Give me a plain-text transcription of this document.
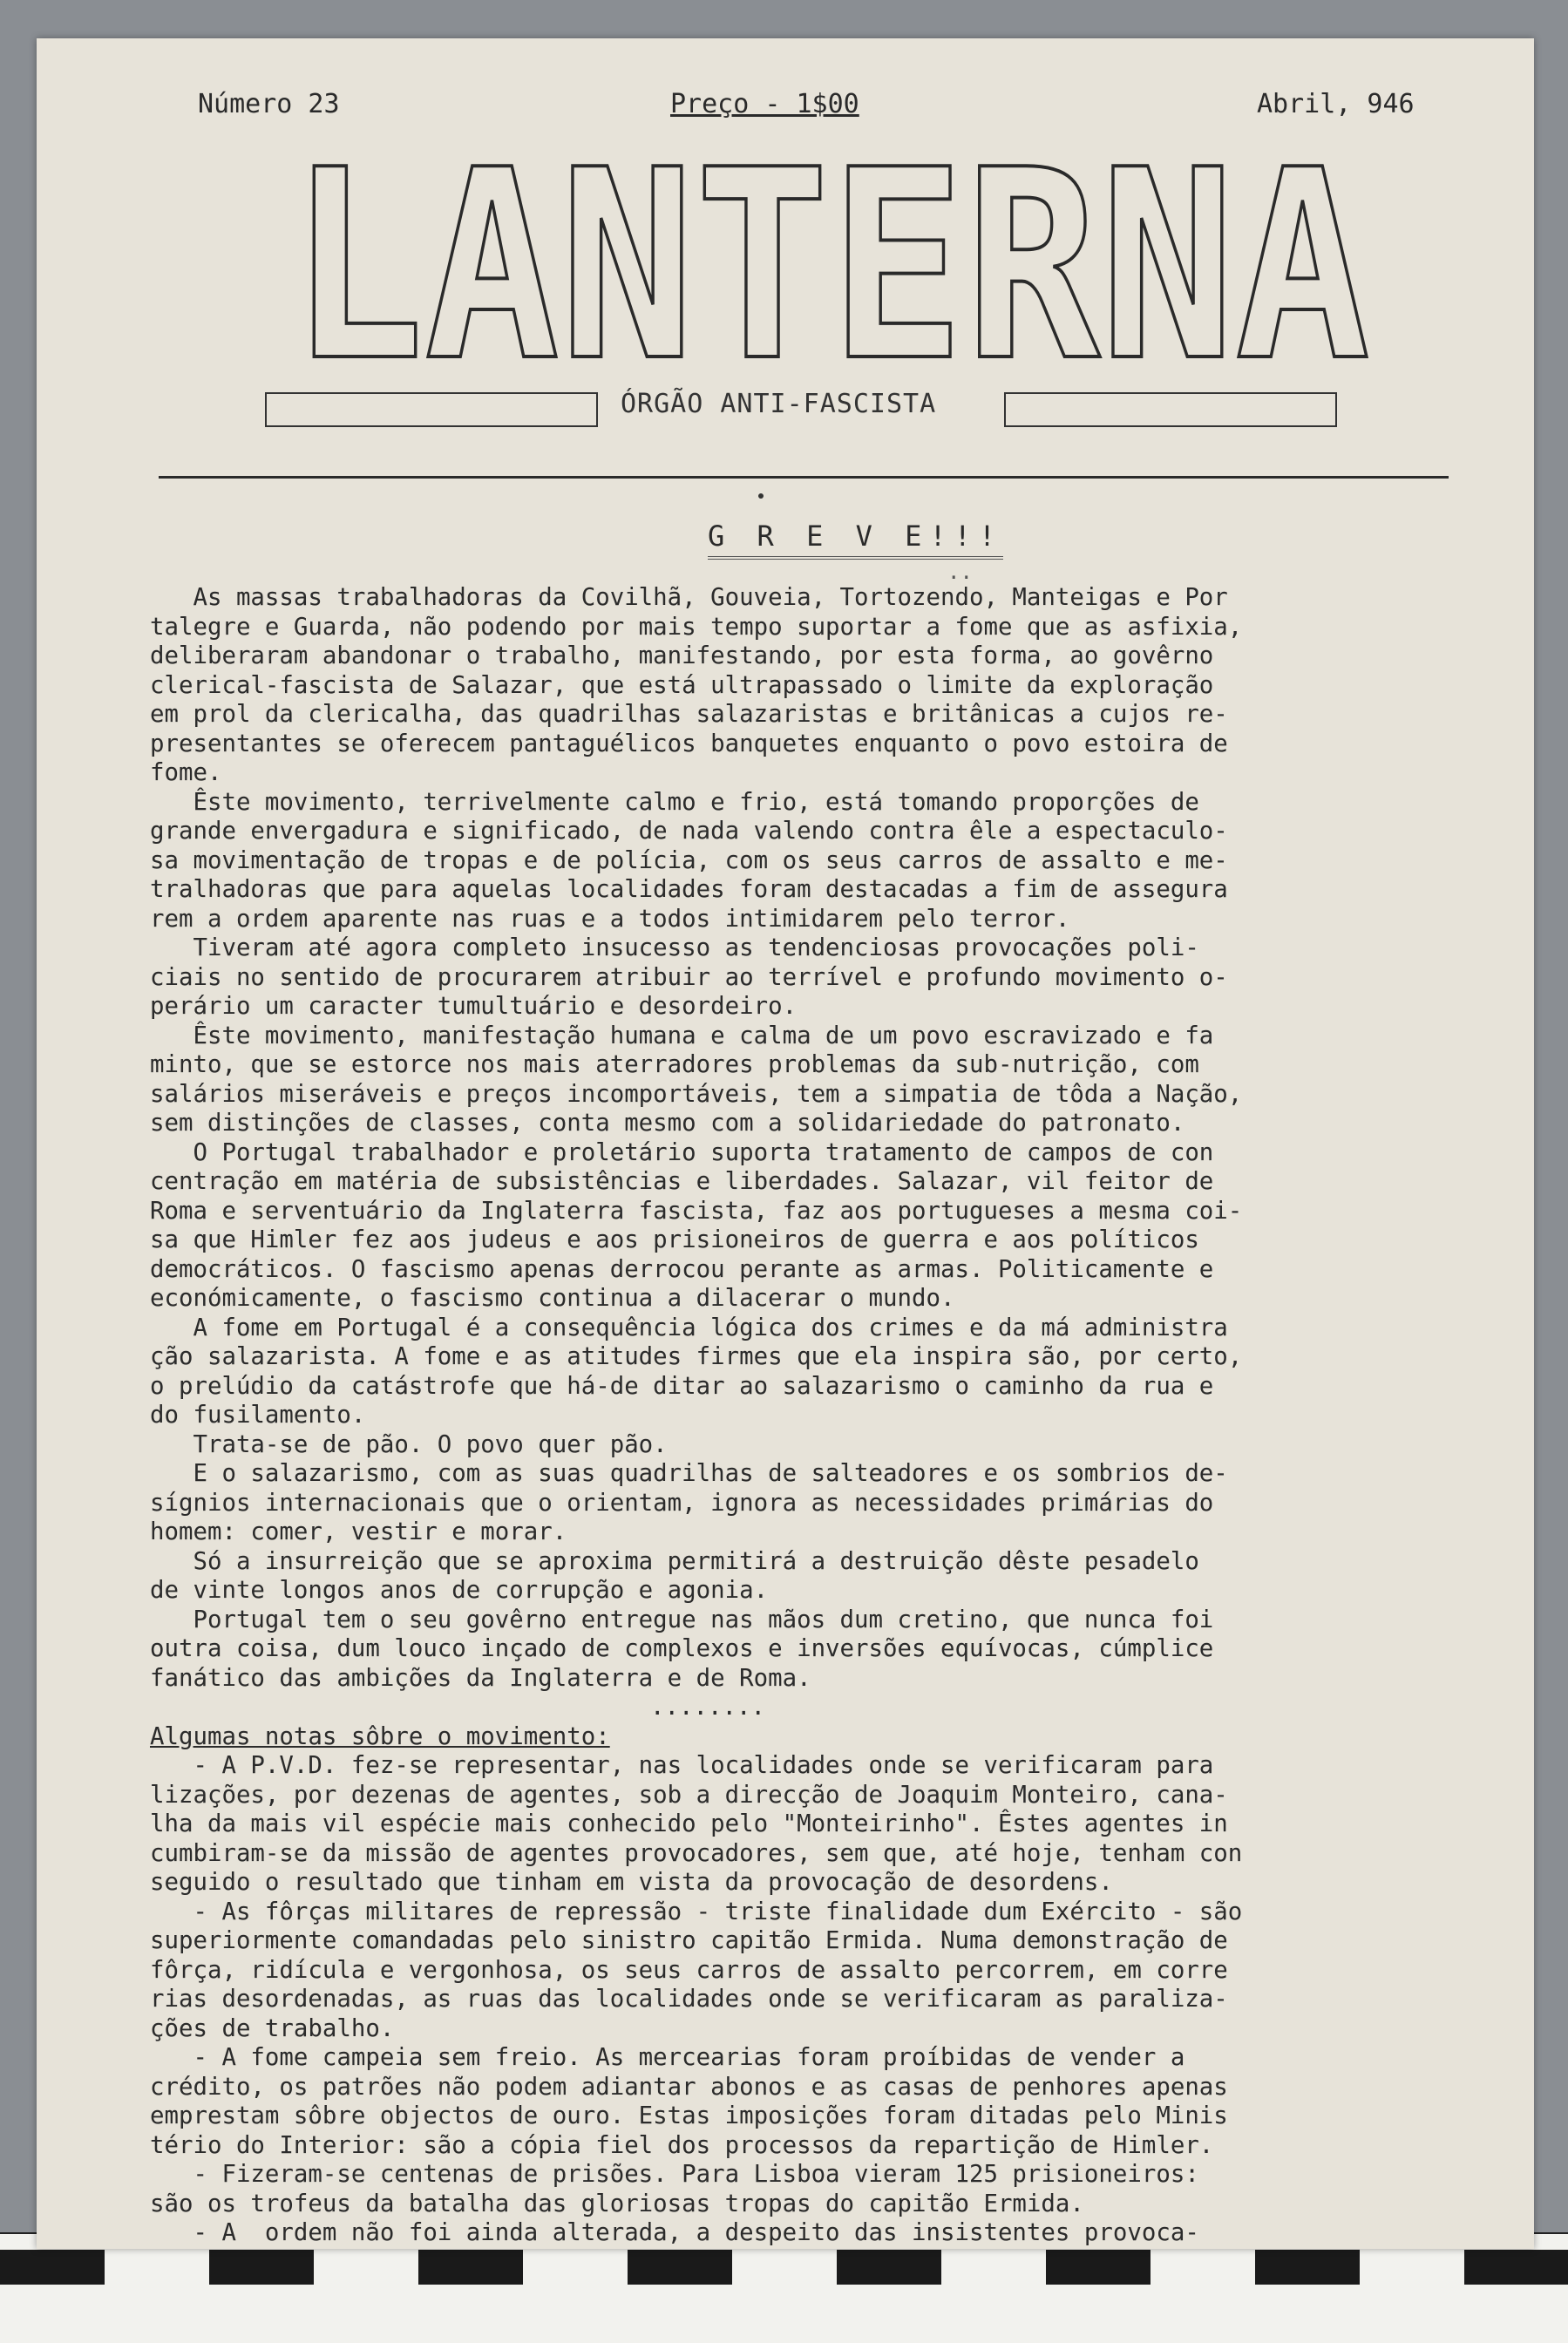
Número 23	Preço - 1$00	Abril, 946
LANTERNA
ÓRGÃO ANTI-FASCISTA
G R E V E!!!
..
As massas trabalhadoras da Covilhã, Gouveia, Tortozendo, Manteigas e Por
talegre e Guarda, não podendo por mais tempo suportar a fome que as asfixia,
deliberaram abandonar o trabalho, manifestando, por esta forma, ao govêrno
clerical-fascista de Salazar, que está ultrapassado o limite da exploração
em prol da clericalha, das quadrilhas salazaristas e britânicas a cujos re-
presentantes se oferecem pantaguélicos banquetes enquanto o povo estoira de
fome.
Êste movimento, terrivelmente calmo e frio, está tomando proporções de
grande envergadura e significado, de nada valendo contra êle a espectaculo-
sa movimentação de tropas e de polícia, com os seus carros de assalto e me-
tralhadoras que para aquelas localidades foram destacadas a fim de assegura
rem a ordem aparente nas ruas e a todos intimidarem pelo terror.
Tiveram até agora completo insucesso as tendenciosas provocações poli-
ciais no sentido de procurarem atribuir ao terrível e profundo movimento o-
perário um caracter tumultuário e desordeiro.
Êste movimento, manifestação humana e calma de um povo escravizado e fa
minto, que se estorce nos mais aterradores problemas da sub-nutrição, com
salários miseráveis e preços incomportáveis, tem a simpatia de tôda a Nação,
sem distinções de classes, conta mesmo com a solidariedade do patronato.
O Portugal trabalhador e proletário suporta tratamento de campos de con
centração em matéria de subsistências e liberdades. Salazar, vil feitor de
Roma e serventuário da Inglaterra fascista, faz aos portugueses a mesma coi-
sa que Himler fez aos judeus e aos prisioneiros de guerra e aos políticos
democráticos. O fascismo apenas derrocou perante as armas. Politicamente e
económicamente, o fascismo continua a dilacerar o mundo.
A fome em Portugal é a consequência lógica dos crimes e da má administra
ção salazarista. A fome e as atitudes firmes que ela inspira são, por certo,
o prelúdio da catástrofe que há-de ditar ao salazarismo o caminho da rua e
do fusilamento.
Trata-se de pão. O povo quer pão.
E o salazarismo, com as suas quadrilhas de salteadores e os sombrios de-
sígnios internacionais que o orientam, ignora as necessidades primárias do
homem: comer, vestir e morar.
Só a insurreição que se aproxima permitirá a destruição dêste pesadelo
de vinte longos anos de corrupção e agonia.
Portugal tem o seu govêrno entregue nas mãos dum cretino, que nunca foi
outra coisa, dum louco inçado de complexos e inversões equívocas, cúmplice
fanático das ambições da Inglaterra e de Roma.
........
Algumas notas sôbre o movimento:
- A P.V.D. fez-se representar, nas localidades onde se verificaram para
lizações, por dezenas de agentes, sob a direcção de Joaquim Monteiro, cana-
lha da mais vil espécie mais conhecido pelo "Monteirinho". Êstes agentes in
cumbiram-se da missão de agentes provocadores, sem que, até hoje, tenham con
seguido o resultado que tinham em vista da provocação de desordens.
- As fôrças militares de repressão - triste finalidade dum Exército - são
superiormente comandadas pelo sinistro capitão Ermida. Numa demonstração de
fôrça, ridícula e vergonhosa, os seus carros de assalto percorrem, em corre
rias desordenadas, as ruas das localidades onde se verificaram as paraliza-
ções de trabalho.
- A fome campeia sem freio. As mercearias foram proíbidas de vender a
crédito, os patrões não podem adiantar abonos e as casas de penhores apenas
emprestam sôbre objectos de ouro. Estas imposições foram ditadas pelo Minis
tério do Interior: são a cópia fiel dos processos da repartição de Himler.
- Fizeram-se centenas de prisões. Para Lisboa vieram 125 prisioneiros:
são os trofeus da batalha das gloriosas tropas do capitão Ermida.
- A  ordem não foi ainda alterada, a despeito das insistentes provoca-
